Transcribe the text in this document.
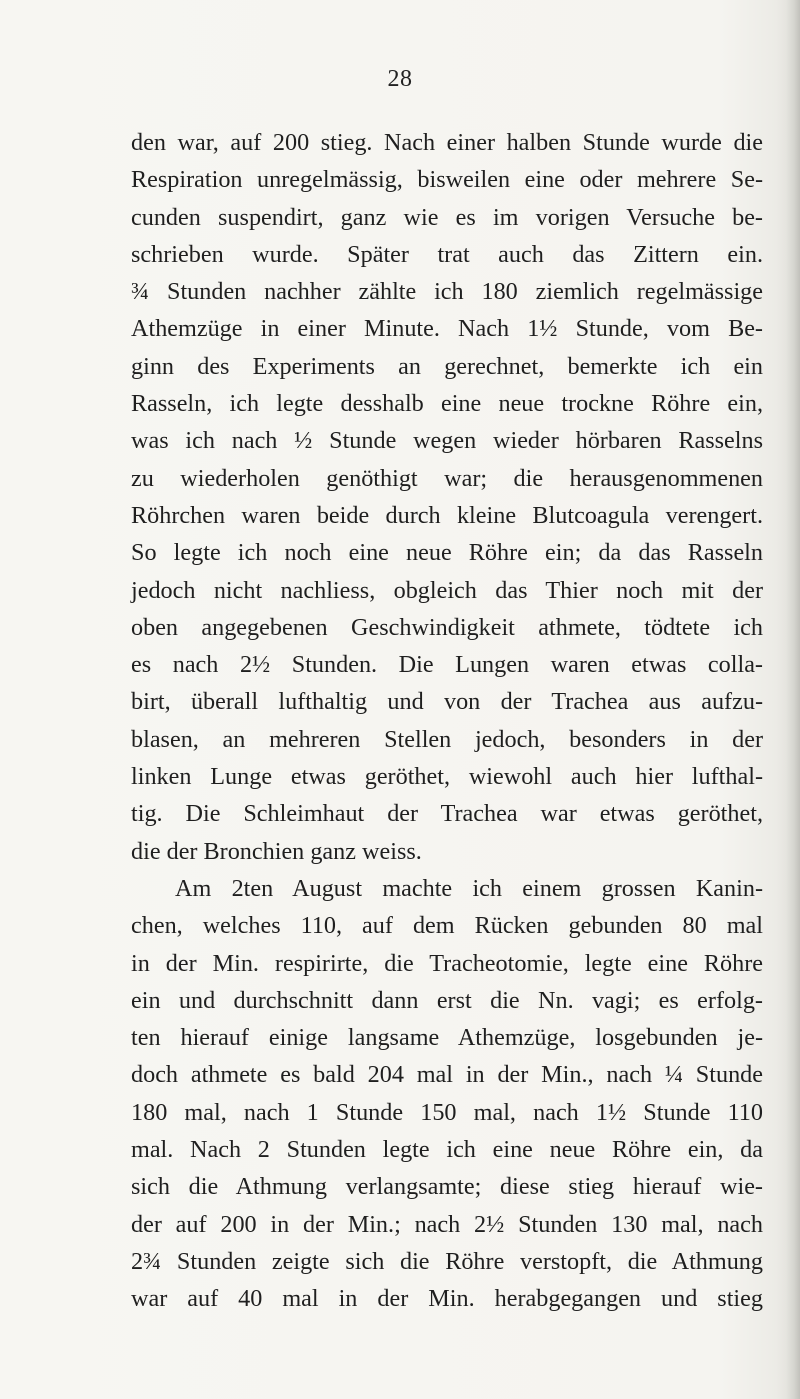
28
den war, auf 200 stieg. Nach einer halben Stunde wurde die
Respiration unregelmässig, bisweilen eine oder mehrere Se-
cunden suspendirt, ganz wie es im vorigen Versuche be-
schrieben wurde. Später trat auch das Zittern ein.
¾ Stunden nachher zählte ich 180 ziemlich regelmässige
Athemzüge in einer Minute. Nach 1½ Stunde, vom Be-
ginn des Experiments an gerechnet, bemerkte ich ein
Rasseln, ich legte desshalb eine neue trockne Röhre ein,
was ich nach ½ Stunde wegen wieder hörbaren Rasselns
zu wiederholen genöthigt war; die herausgenommenen
Röhrchen waren beide durch kleine Blutcoagula verengert.
So legte ich noch eine neue Röhre ein; da das Rasseln
jedoch nicht nachliess, obgleich das Thier noch mit der
oben angegebenen Geschwindigkeit athmete, tödtete ich
es nach 2½ Stunden. Die Lungen waren etwas colla-
birt, überall lufthaltig und von der Trachea aus aufzu-
blasen, an mehreren Stellen jedoch, besonders in der
linken Lunge etwas geröthet, wiewohl auch hier lufthal-
tig. Die Schleimhaut der Trachea war etwas geröthet,
die der Bronchien ganz weiss.
Am 2ten August machte ich einem grossen Kanin-
chen, welches 110, auf dem Rücken gebunden 80 mal
in der Min. respirirte, die Tracheotomie, legte eine Röhre
ein und durchschnitt dann erst die Nn. vagi; es erfolg-
ten hierauf einige langsame Athemzüge, losgebunden je-
doch athmete es bald 204 mal in der Min., nach ¼ Stunde
180 mal, nach 1 Stunde 150 mal, nach 1½ Stunde 110
mal. Nach 2 Stunden legte ich eine neue Röhre ein, da
sich die Athmung verlangsamte; diese stieg hierauf wie-
der auf 200 in der Min.; nach 2½ Stunden 130 mal, nach
2¾ Stunden zeigte sich die Röhre verstopft, die Athmung
war auf 40 mal in der Min. herabgegangen und stieg
